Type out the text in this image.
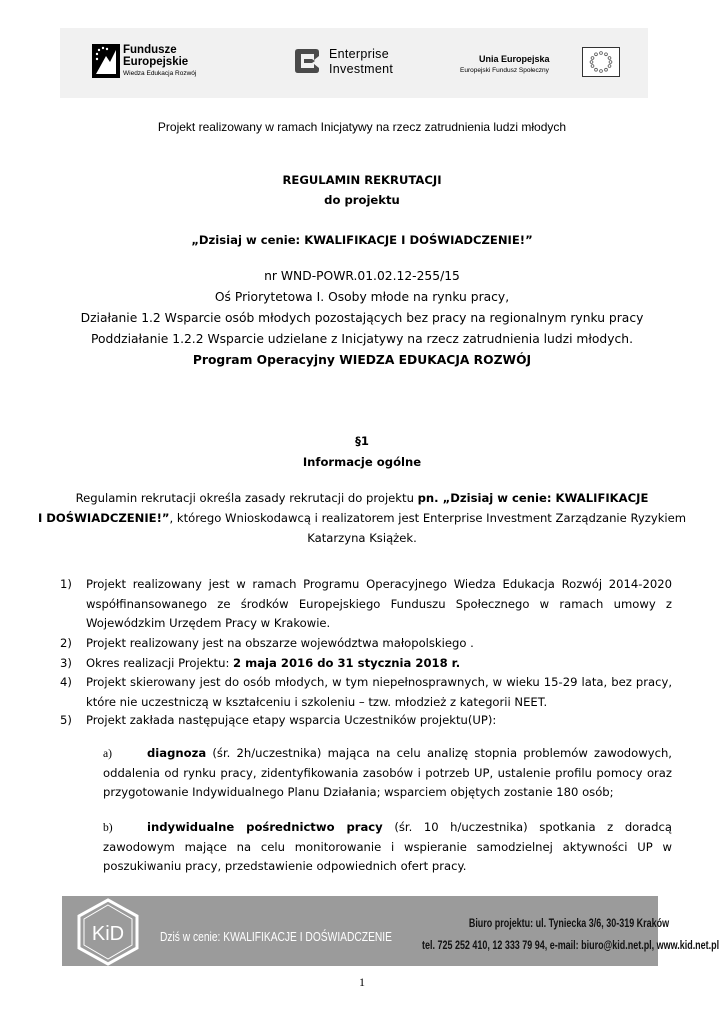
Fundusze
Europejskie
Wiedza Edukacja Rozwój
Enterprise
Investment
Unia Europejska
Europejski Fundusz Społeczny
Projekt realizowany w ramach Inicjatywy na rzecz zatrudnienia ludzi młodych
REGULAMIN REKRUTACJI
do projektu
„Dzisiaj w cenie: KWALIFIKACJE I DOŚWIADCZENIE!”
nr WND-POWR.01.02.12-255/15
Oś Priorytetowa I. Osoby młode na rynku pracy,
Działanie 1.2 Wsparcie osób młodych pozostających bez pracy na regionalnym rynku pracy
Poddziałanie 1.2.2 Wsparcie udzielane z Inicjatywy na rzecz zatrudnienia ludzi młodych.
Program Operacyjny WIEDZA EDUKACJA ROZWÓJ
§1
Informacje ogólne
Regulamin rekrutacji określa zasady rekrutacji do projektu pn. „Dzisiaj w cenie: KWALIFIKACJE
I DOŚWIADCZENIE!”, którego Wnioskodawcą i realizatorem jest Enterprise Investment Zarządzanie Ryzykiem
Katarzyna Książek.
1) Projekt realizowany jest w ramach Programu Operacyjnego Wiedza Edukacja Rozwój 2014-2020 współfinansowanego ze środków Europejskiego Funduszu Społecznego w ramach umowy z Wojewódzkim Urzędem Pracy w Krakowie.
2) Projekt realizowany jest na obszarze województwa małopolskiego .
3) Okres realizacji Projektu: 2 maja 2016 do 31 stycznia 2018 r.
4) Projekt skierowany jest do osób młodych, w tym niepełnosprawnych, w wieku 15-29 lata, bez pracy, które nie uczestniczą w kształceniu i szkoleniu – tzw. młodzież z kategorii NEET.
5) Projekt zakłada następujące etapy wsparcia Uczestników projektu(UP):
a)	diagnoza (śr. 2h/uczestnika) mająca na celu analizę stopnia problemów zawodowych, oddalenia od rynku pracy, zidentyfikowania zasobów i potrzeb UP, ustalenie profilu pomocy oraz przygotowanie Indywidualnego Planu Działania; wsparciem objętych zostanie 180 osób;
b)	indywidualne pośrednictwo pracy (śr. 10 h/uczestnika) spotkania z doradcą zawodowym mające na celu monitorowanie i wspieranie samodzielnej aktywności UP w poszukiwaniu pracy, przedstawienie odpowiednich ofert pracy.
KiD	Dziś w cenie: KWALIFIKACJE I DOŚWIADCZENIE
Biuro projektu: ul. Tyniecka 3/6, 30-319 Kraków
tel. 725 252 410, 12 333 79 94, e-mail: biuro@kid.net.pl, www.kid.net.pl
1
